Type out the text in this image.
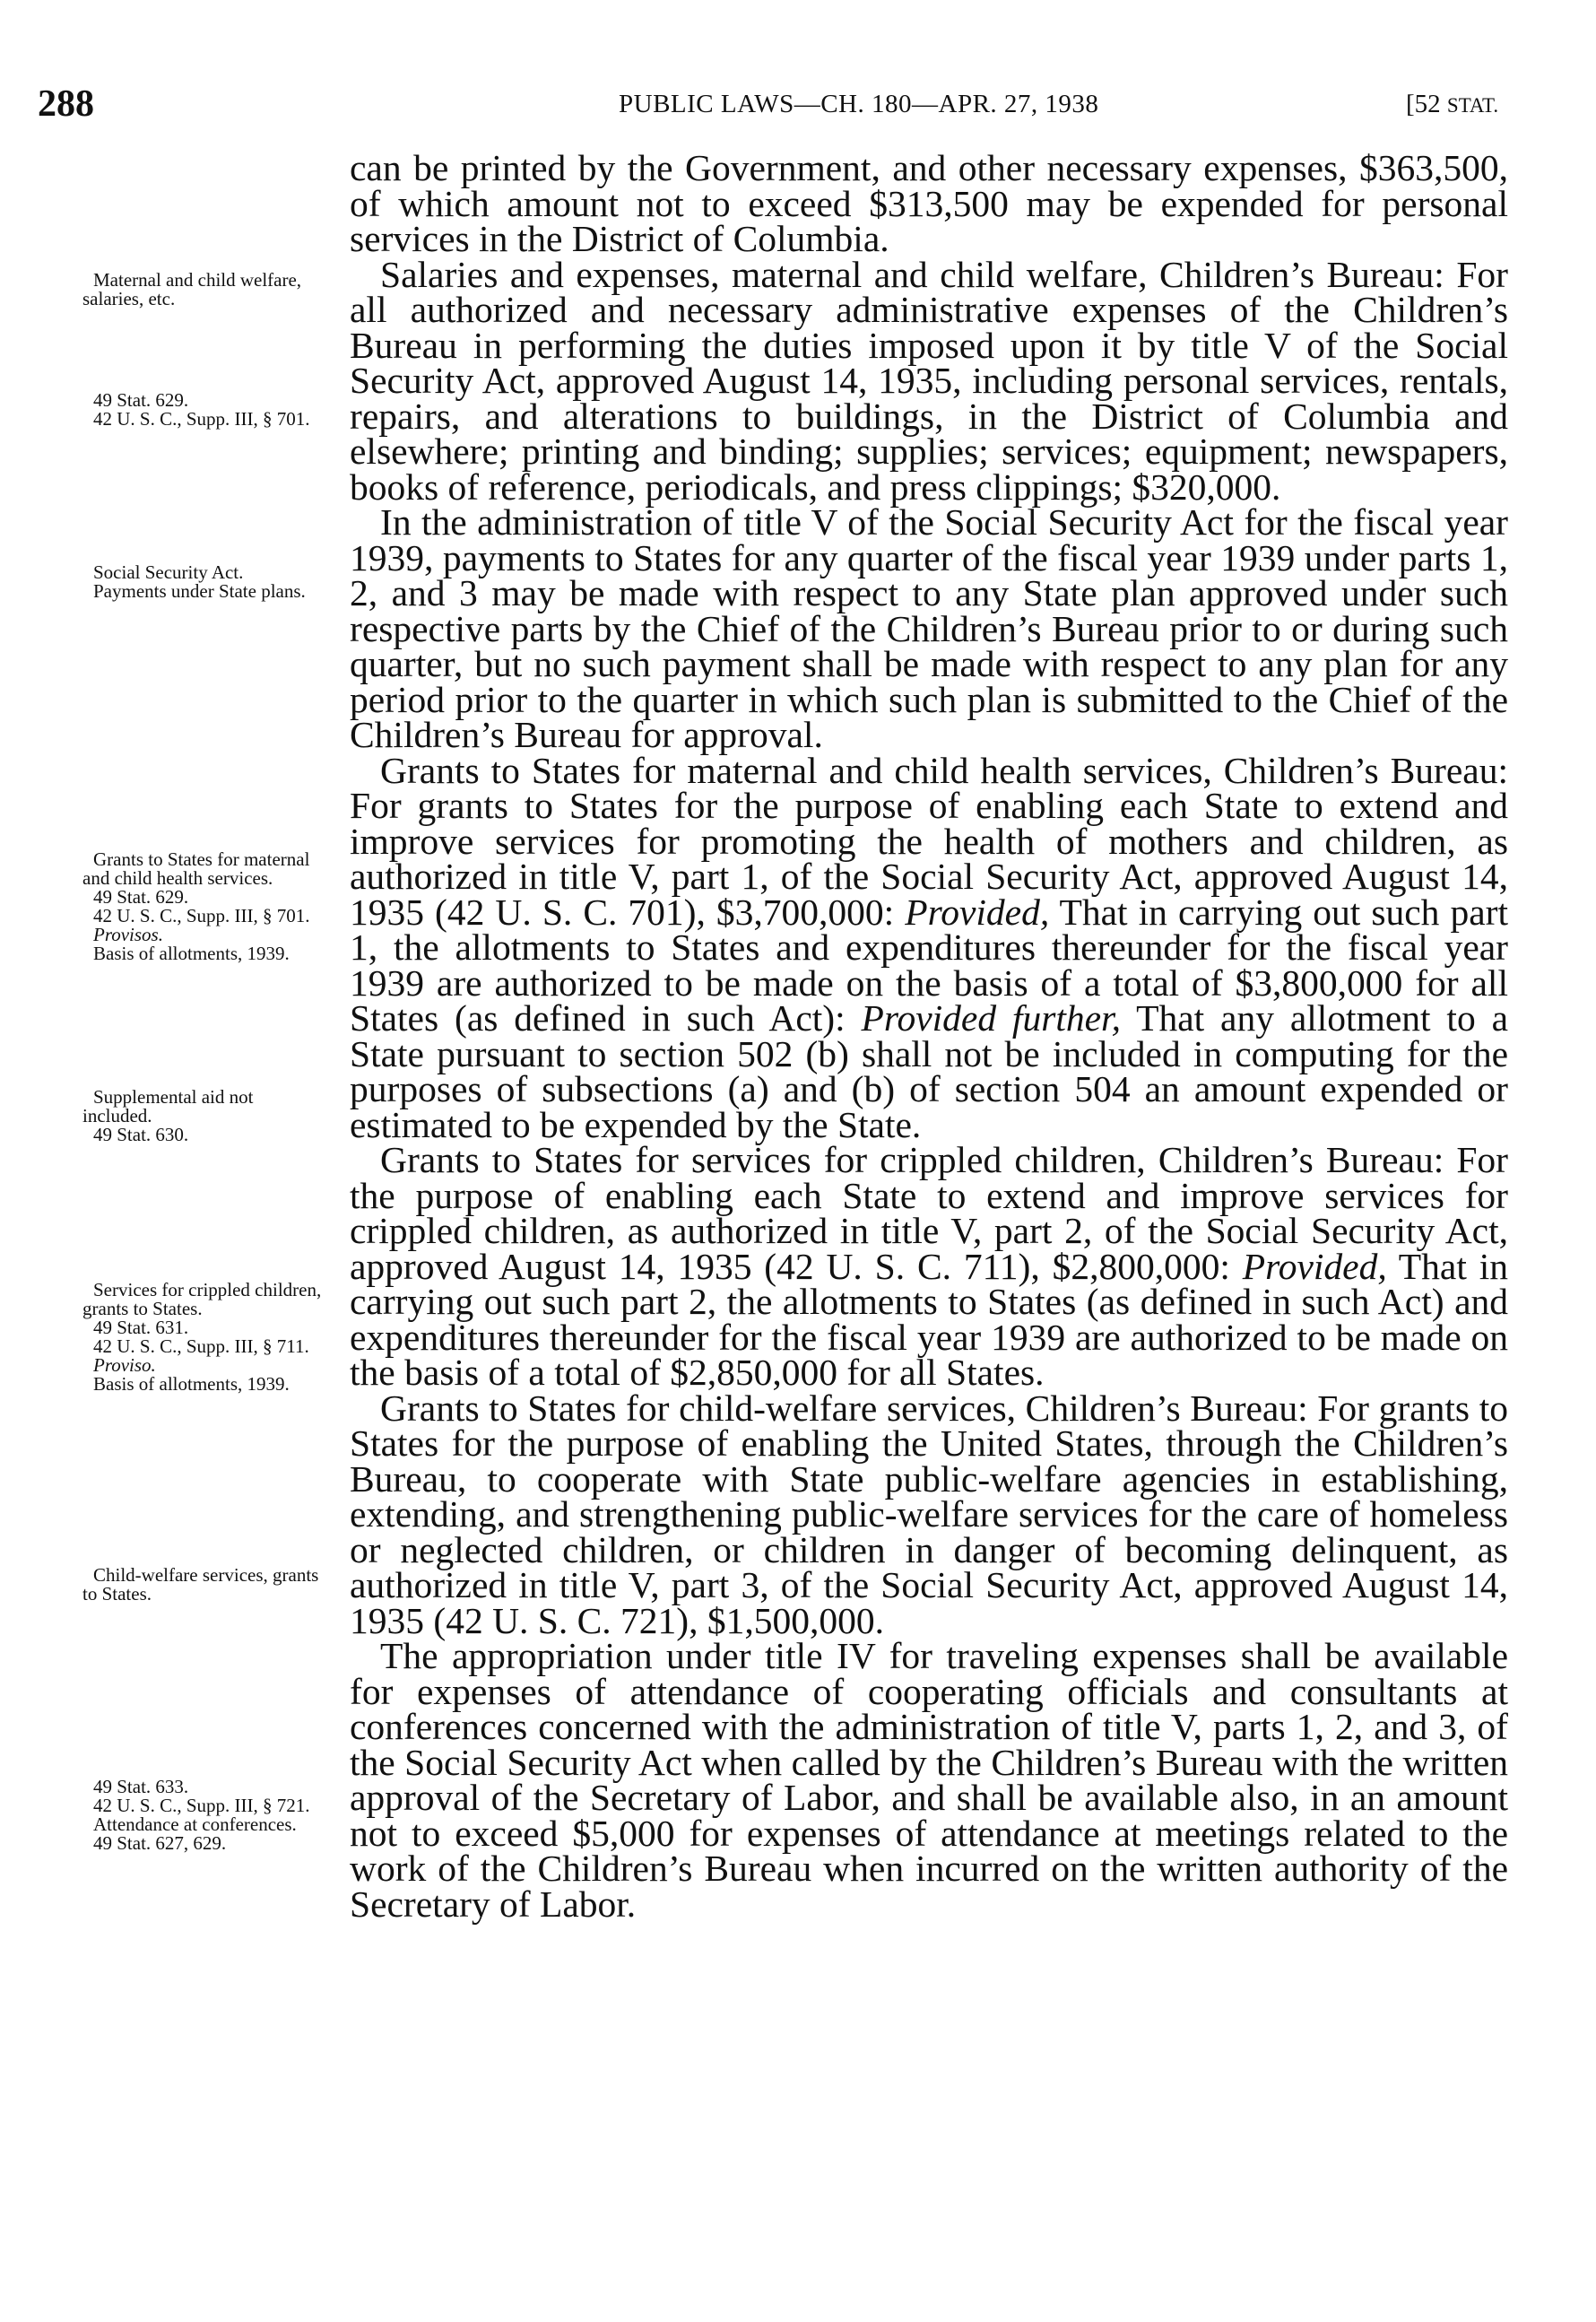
288	PUBLIC LAWS—CH. 180—APR. 27, 1938	[52 STAT.
Maternal and child welfare, salaries, etc.
49 Stat. 629.
42 U. S. C., Supp. III, § 701.
Social Security Act.
Payments under State plans.
Grants to States for maternal and child health services.
49 Stat. 629.
42 U. S. C., Supp. III, § 701.
Provisos.
Basis of allotments, 1939.
Supplemental aid not included.
49 Stat. 630.
Services for crippled children, grants to States.
49 Stat. 631.
42 U. S. C., Supp. III, § 711.
Proviso.
Basis of allotments, 1939.
Child-welfare services, grants to States.
49 Stat. 633.
42 U. S. C., Supp. III, § 721.
Attendance at conferences.
49 Stat. 627, 629.

can be printed by the Government, and other necessary expenses, $363,500, of which amount not to exceed $313,500 may be expended for personal services in the District of Columbia.

Salaries and expenses, maternal and child welfare, Children’s Bureau: For all authorized and necessary administrative expenses of the Children’s Bureau in performing the duties imposed upon it by title V of the Social Security Act, approved August 14, 1935, including personal services, rentals, repairs, and alterations to buildings, in the District of Columbia and elsewhere; printing and binding; supplies; services; equipment; newspapers, books of reference, periodicals, and press clippings; $320,000.

In the administration of title V of the Social Security Act for the fiscal year 1939, payments to States for any quarter of the fiscal year 1939 under parts 1, 2, and 3 may be made with respect to any State plan approved under such respective parts by the Chief of the Children’s Bureau prior to or during such quarter, but no such payment shall be made with respect to any plan for any period prior to the quarter in which such plan is submitted to the Chief of the Children’s Bureau for approval.

Grants to States for maternal and child health services, Children’s Bureau: For grants to States for the purpose of enabling each State to extend and improve services for promoting the health of mothers and children, as authorized in title V, part 1, of the Social Security Act, approved August 14, 1935 (42 U. S. C. 701), $3,700,000: Provided, That in carrying out such part 1, the allotments to States and expenditures thereunder for the fiscal year 1939 are authorized to be made on the basis of a total of $3,800,000 for all States (as defined in such Act): Provided further, That any allotment to a State pursuant to section 502 (b) shall not be included in computing for the purposes of subsections (a) and (b) of section 504 an amount expended or estimated to be expended by the State.

Grants to States for services for crippled children, Children’s Bureau: For the purpose of enabling each State to extend and improve services for crippled children, as authorized in title V, part 2, of the Social Security Act, approved August 14, 1935 (42 U. S. C. 711), $2,800,000: Provided, That in carrying out such part 2, the allotments to States (as defined in such Act) and expenditures thereunder for the fiscal year 1939 are authorized to be made on the basis of a total of $2,850,000 for all States.

Grants to States for child-welfare services, Children’s Bureau: For grants to States for the purpose of enabling the United States, through the Children’s Bureau, to cooperate with State public-welfare agencies in establishing, extending, and strengthening public-welfare services for the care of homeless or neglected children, or children in danger of becoming delinquent, as authorized in title V, part 3, of the Social Security Act, approved August 14, 1935 (42 U. S. C. 721), $1,500,000.

The appropriation under title IV for traveling expenses shall be available for expenses of attendance of cooperating officials and consultants at conferences concerned with the administration of title V, parts 1, 2, and 3, of the Social Security Act when called by the Children’s Bureau with the written approval of the Secretary of Labor, and shall be available also, in an amount not to exceed $5,000 for expenses of attendance at meetings related to the work of the Children’s Bureau when incurred on the written authority of the Secretary of Labor.
